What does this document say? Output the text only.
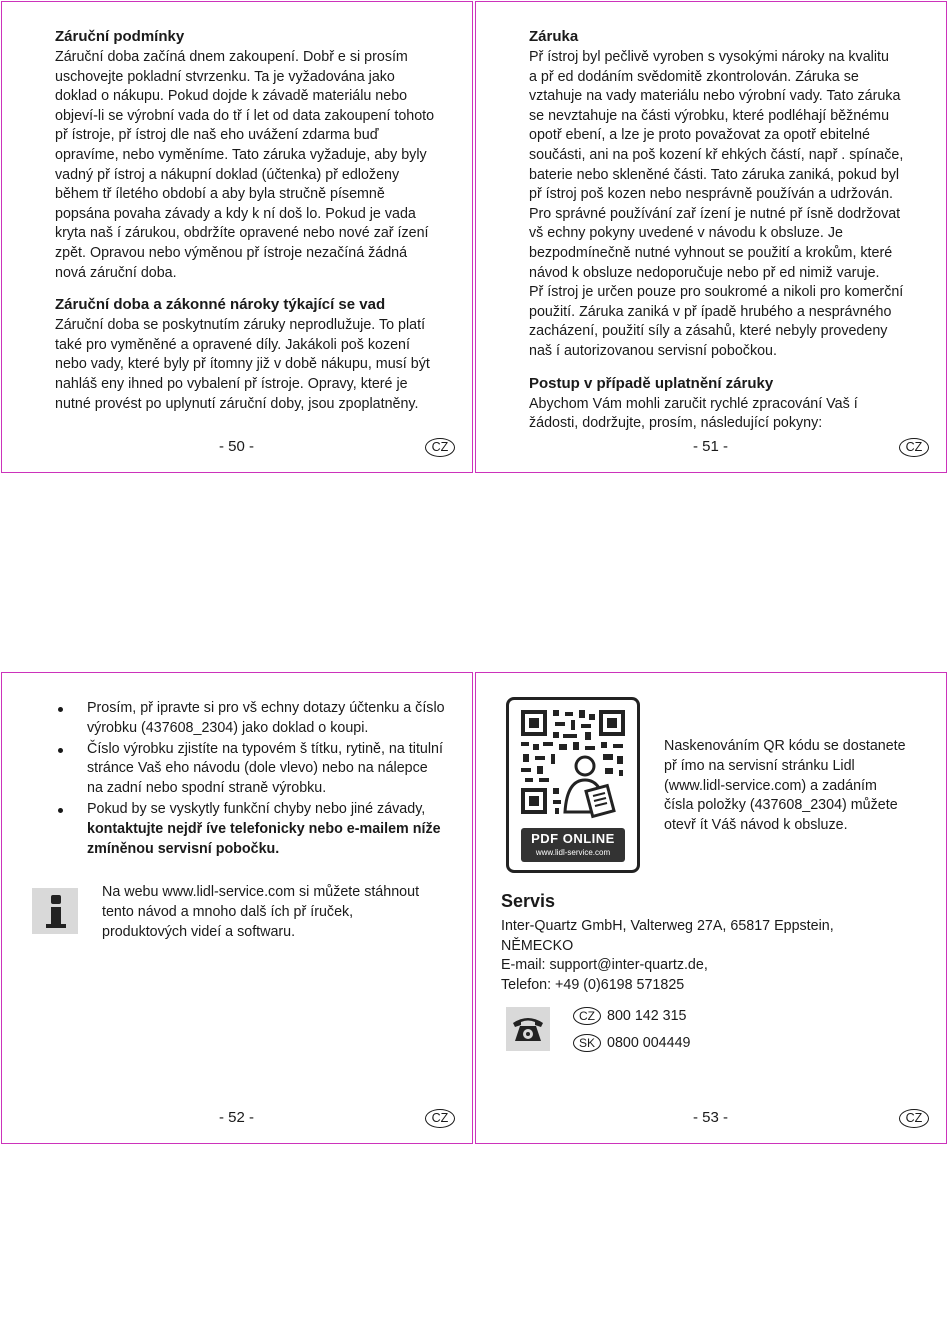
Záruční podmínky

Záruční doba začíná dnem zakoupení. Dobř e si prosím

uschovejte pokladní stvrzenku. Ta je vyžadována jako

doklad o nákupu. Pokud dojde k závadě materiálu nebo

objeví-li se výrobní vada do tř í let od data zakoupení tohoto

př ístroje, př ístroj dle naš eho uvážení zdarma buď

opravíme, nebo vyměníme. Tato záruka vyžaduje, aby byly

vadný př ístroj a nákupní doklad (účtenka) př edloženy

během tř íletého období a aby byla stručně písemně

popsána povaha závady a kdy k ní doš lo. Pokud je vada

kryta naš í zárukou, obdržíte opravené nebo nové zař ízení

zpět. Opravou nebo výměnou př ístroje nezačíná žádná

nová záruční doba.

Záruční doba a zákonné nároky týkající se vad

Záruční doba se poskytnutím záruky neprodlužuje. To platí

také pro vyměněné a opravené díly. Jakákoli poš kození

nebo vady, které byly př ítomny již v době nákupu, musí být

nahláš eny ihned po vybalení př ístroje. Opravy, které je

nutné provést po uplynutí záruční doby, jsou zpoplatněny.

- 50 -	CZ
Záruka

Př ístroj byl pečlivě vyroben s vysokými nároky na kvalitu

a př ed dodáním svědomitě zkontrolován. Záruka se

vztahuje na vady materiálu nebo výrobní vady. Tato záruka

se nevztahuje na části výrobku, které podléhají běžnému

opotř ebení, a lze je proto považovat za opotř ebitelné

součásti, ani na poš kození kř ehkých částí, např . spínače,

baterie nebo skleněné části. Tato záruka zaniká, pokud byl

př ístroj poš kozen nebo nesprávně používán a udržován.

Pro správné používání zař ízení je nutné př ísně dodržovat

vš echny pokyny uvedené v návodu k obsluze. Je

bezpodmínečně nutné vyhnout se použití a krokům, které

návod k obsluze nedoporučuje nebo př ed nimiž varuje.

Př ístroj je určen pouze pro soukromé a nikoli pro komerční

použití. Záruka zaniká v př ípadě hrubého a nesprávného

zacházení, použití síly a zásahů, které nebyly provedeny

naš í autorizovanou servisní pobočkou.

Postup v případě uplatnění záruky

Abychom Vám mohli zaručit rychlé zpracování Vaš í

žádosti, dodržujte, prosím, následující pokyny:

- 51 -	CZ
Prosím, př ipravte si pro vš echny dotazy účtenku a číslo
výrobku (437608_2304) jako doklad o koupi.
Číslo výrobku zjistíte na typovém š títku, rytině, na titulní
stránce Vaš eho návodu (dole vlevo) nebo na nálepce
na zadní nebo spodní straně výrobku.
Pokud by se vyskytly funkční chyby nebo jiné závady,
kontaktujte nejdř íve telefonicky nebo e-mailem níže
zmíněnou servisní pobočku.
Na webu www.lidl-service.com si můžete stáhnout
tento návod a mnoho dalš ích př íruček,
produktových videí a softwaru.
- 52 -	CZ
PDF ONLINE
www.lidl-service.com
Naskenováním QR kódu se dostanete
př ímo na servisní stránku Lidl
(www.lidl-service.com) a zadáním
čísla položky (437608_2304) můžete
otevř ít Váš návod k obsluze.
Servis
Inter-Quartz GmbH, Valterweg 27A, 65817 Eppstein,
NĚMECKO
E-mail: support@inter-quartz.de,
Telefon: +49 (0)6198 571825
CZ 800 142 315
SK 0800 004449
- 53 -	CZ
